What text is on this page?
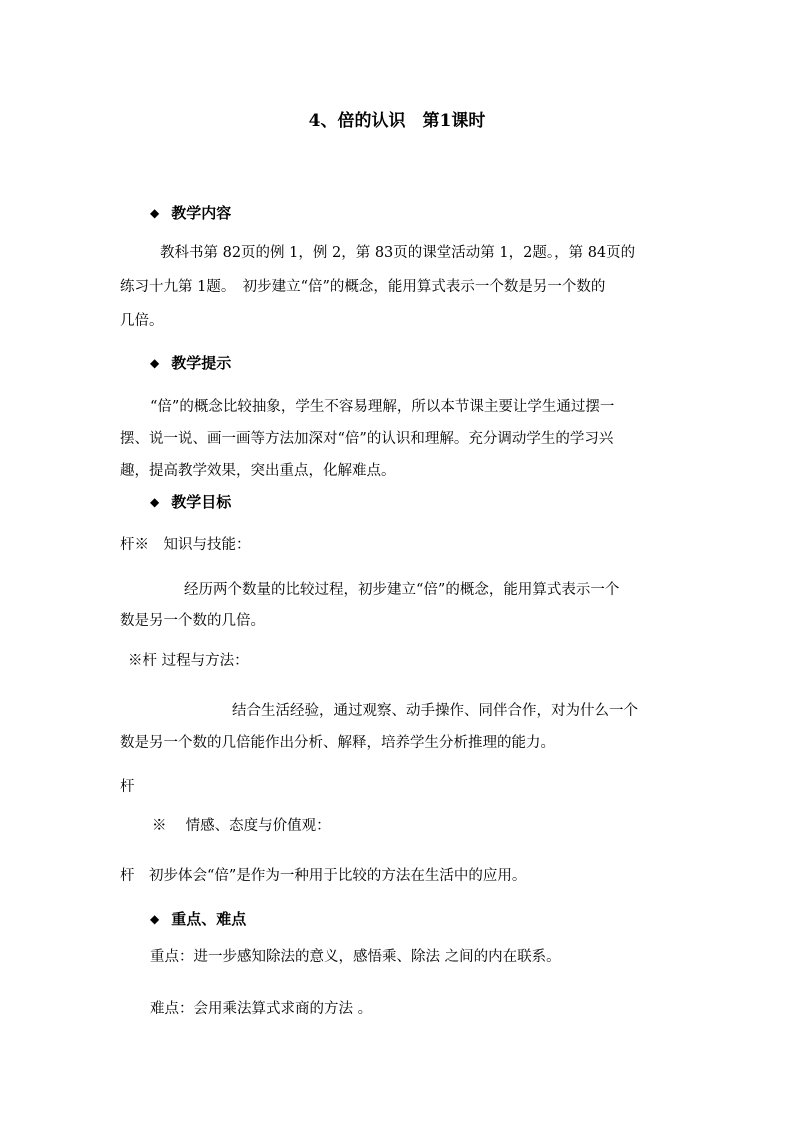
4、倍的认识　第1课时
◆ 教学内容
教科书第 82页的例 1，例 2，第 83页的课堂活动第 1，2题。，第 84页的
练习十九第 1题。　初步建立“倍”的概念，能用算式表示一个数是另一个数的
几倍。
◆ 教学提示
“倍”的概念比较抽象，学生不容易理解，所以本节课主要让学生通过摆一
摆、说一说、画一画等方法加深对“倍”的认识和理解。充分调动学生的学习兴
趣，提高教学效果，突出重点，化解难点。
◆ 教学目标
杆※　知识与技能：
经历两个数量的比较过程，初步建立“倍”的概念，能用算式表示一个
数是另一个数的几倍。
※杆 过程与方法：
结合生活经验，通过观察、动手操作、同伴合作，对为什么一个
数是另一个数的几倍能作出分析、解释，培养学生分析推理的能力。
杆
※　 情感、态度与价值观：
杆　初步体会“倍”是作为一种用于比较的方法在生活中的应用。
◆ 重点、难点
重点：进一步感知除法的意义，感悟乘、除法 之间的内在联系。
难点：会用乘法算式求商的方法 。
